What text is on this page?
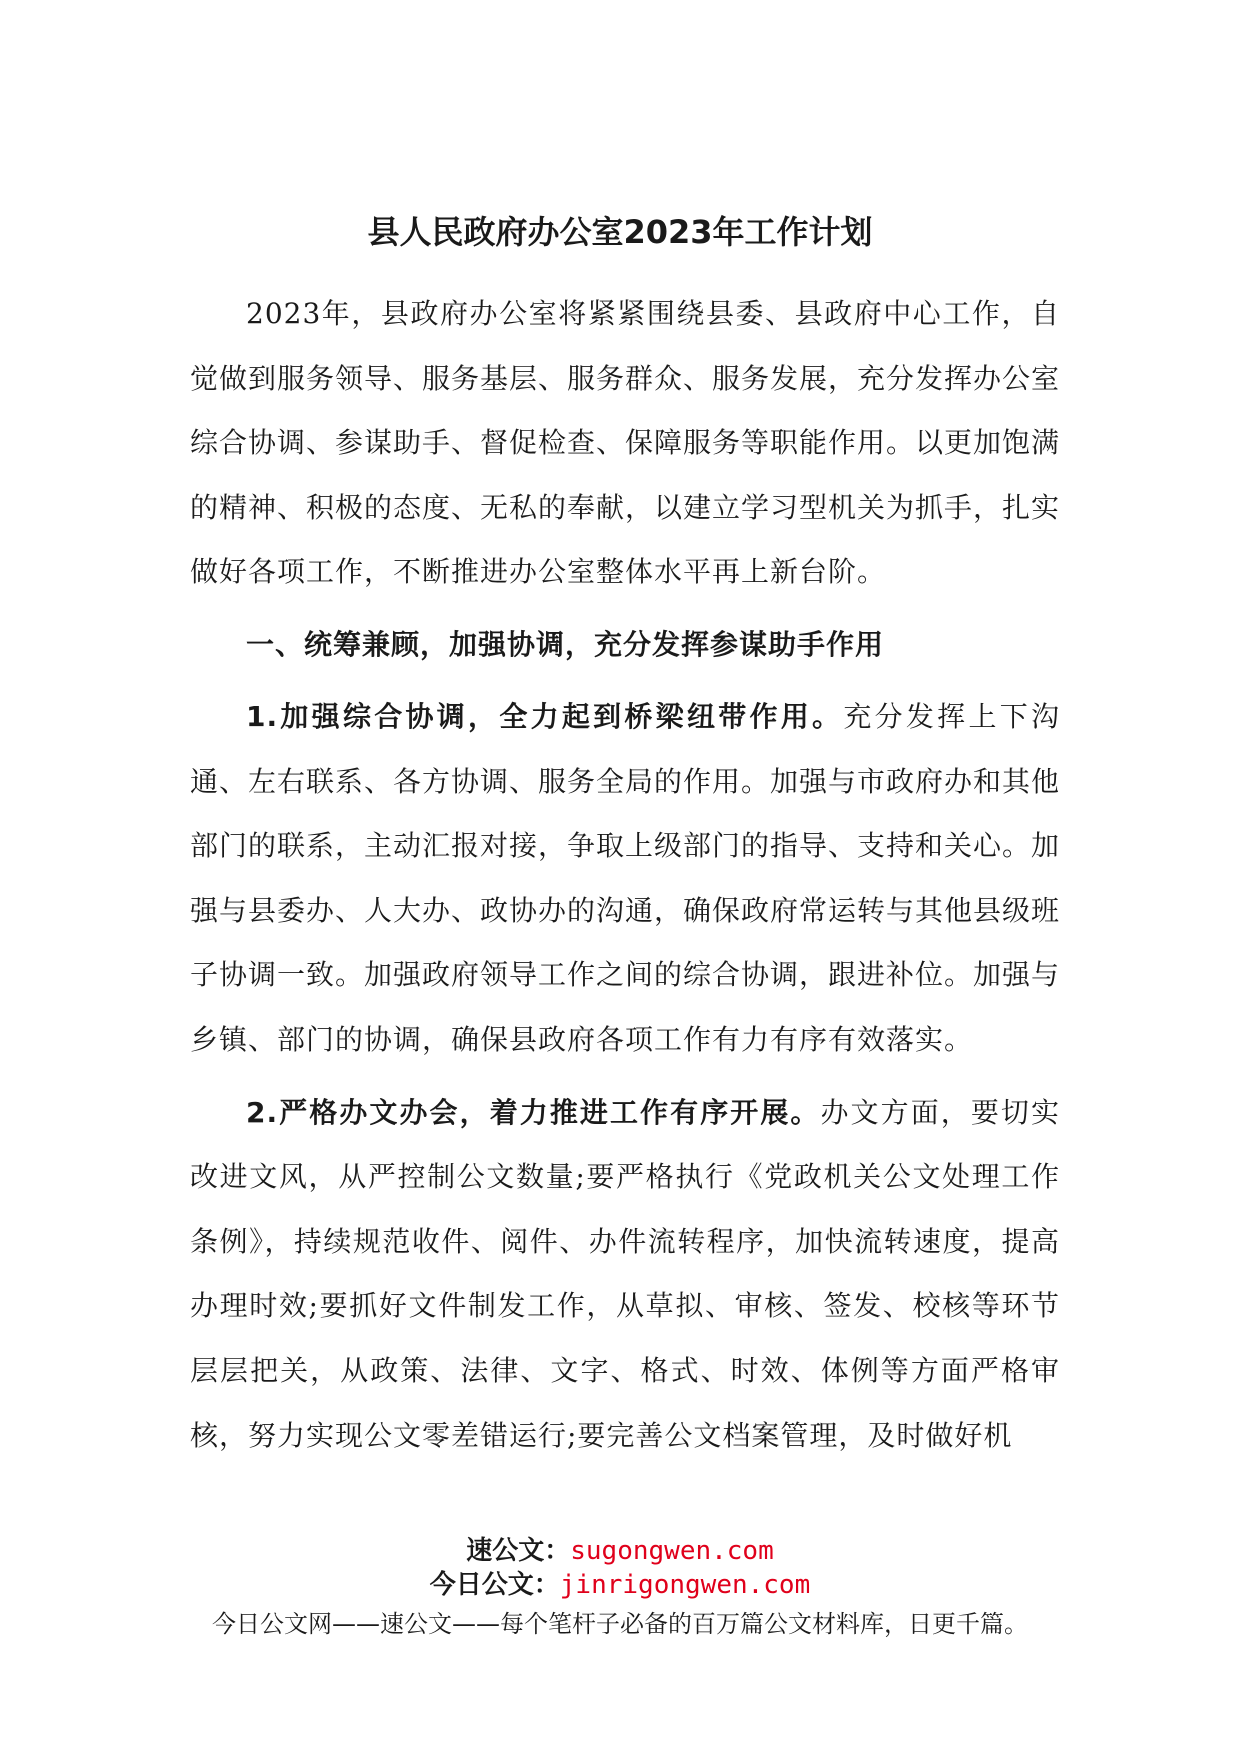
县人民政府办公室2023年工作计划

2023年，县政府办公室将紧紧围绕县委、县政府中心工作，自觉做到服务领导、服务基层、服务群众、服务发展，充分发挥办公室综合协调、参谋助手、督促检查、保障服务等职能作用。以更加饱满的精神、积极的态度、无私的奉献，以建立学习型机关为抓手，扎实做好各项工作，不断推进办公室整体水平再上新台阶。

一、统筹兼顾，加强协调，充分发挥参谋助手作用

1.加强综合协调，全力起到桥梁纽带作用。充分发挥上下沟通、左右联系、各方协调、服务全局的作用。加强与市政府办和其他部门的联系，主动汇报对接，争取上级部门的指导、支持和关心。加强与县委办、人大办、政协办的沟通，确保政府常运转与其他县级班子协调一致。加强政府领导工作之间的综合协调，跟进补位。加强与乡镇、部门的协调，确保县政府各项工作有力有序有效落实。

2.严格办文办会，着力推进工作有序开展。办文方面，要切实改进文风，从严控制公文数量;要严格执行《党政机关公文处理工作条例》，持续规范收件、阅件、办件流转程序，加快流转速度，提高办理时效;要抓好文件制发工作，从草拟、审核、签发、校核等环节层层把关，从政策、法律、文字、格式、时效、体例等方面严格审核，努力实现公文零差错运行;要完善公文档案管理，及时做好机

速公文：sugongwen.com
今日公文：jinrigongwen.com
今日公文网——速公文——每个笔杆子必备的百万篇公文材料库，日更千篇。
